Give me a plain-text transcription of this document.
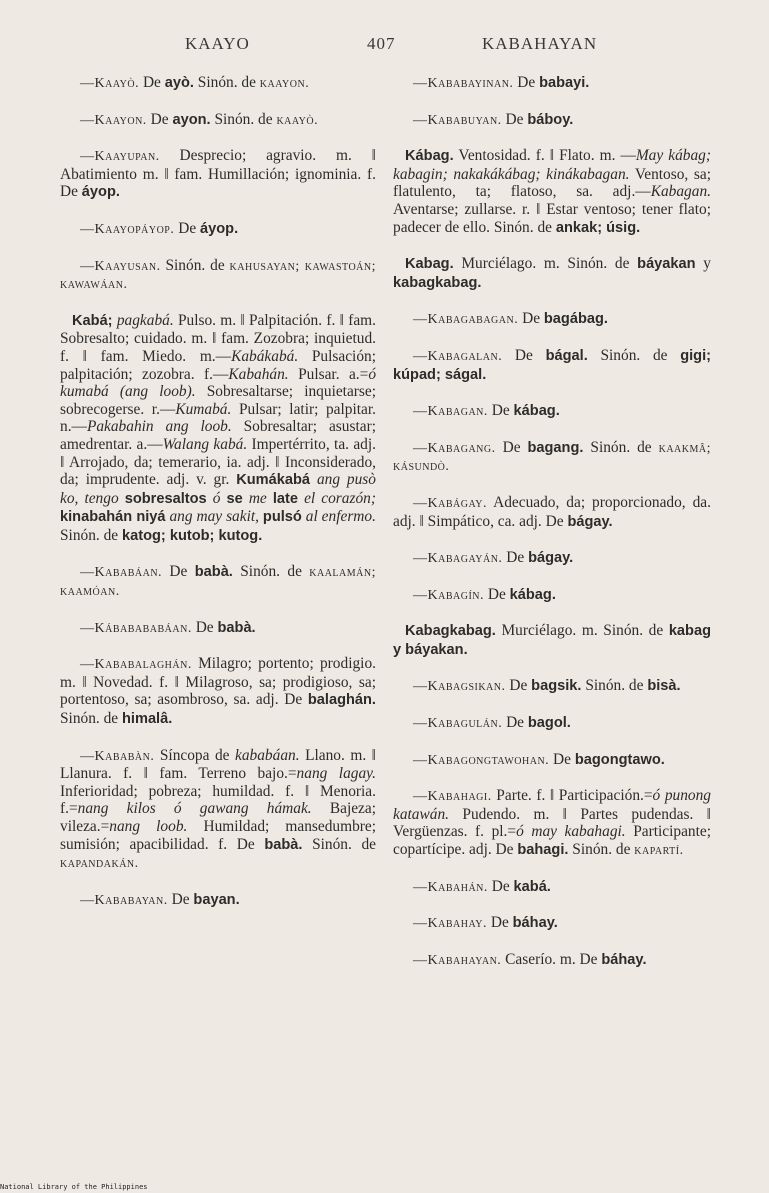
KAAYO	407	KABAHAYAN

—Kaayò. De ayò. Sinón. de kaayon.

—Kaayon. De ayon. Sinón. de kaayò.

—Kaayupan. Desprecio; agravio. m. ‖ Abatimiento m. ‖ fam. Humillación; ignominia. f. De áyop.

—Kaayopáyop. De áyop.

—Kaayusan. Sinón. de kahusayan; kawastoán; kawawáan.

Kabá; pagkabá. Pulso. m. ‖ Palpitación. f. ‖ fam. Sobresalto; cuidado. m. ‖ fam. Zozobra; inquietud. f. ‖ fam. Miedo. m.—Kabákabá. Pulsación; palpitación; zozobra. f.—Kabahán. Pulsar. a.=ó kumabá (ang loob). Sobresaltarse; inquietarse; sobrecogerse. r.—Kumabá. Pulsar; latir; palpitar. n.—Pakabahin ang loob. Sobresaltar; asustar; amedrentar. a.—Walang kabá. Impertérrito, ta. adj. ‖ Arrojado, da; temerario, ia. adj. ‖ Inconsiderado, da; imprudente. adj. v. gr. Kumákabá ang pusò ko, tengo sobresaltos ó se me late el corazón; kinabahán niyá ang may sakit, pulsó al enfermo. Sinón. de katog; kutob; kutog.

—Kababáan. De babà. Sinón. de kaalamán; kaamóan.

—Kábabababáan. De babà.

—Kababalaghán. Milagro; portento; prodigio. m. ‖ Novedad. f. ‖ Milagroso, sa; prodigioso, sa; portentoso, sa; asombroso, sa. adj. De balaghán. Sinón. de himalâ.

—Kababàn. Síncopa de kababáan. Llano. m. ‖ Llanura. f. ‖ fam. Terreno bajo.=nang lagay. Inferioridad; pobreza; humildad. f. ‖ Menoria. f.=nang kilos ó gawang hámak. Bajeza; vileza.=nang loob. Humildad; mansedumbre; sumisión; apacibilidad. f. De babà. Sinón. de kapandakán.

—Kababayan. De bayan.

—Kababayinan. De babayi.

—Kababuyan. De báboy.

Kábag. Ventosidad. f. ‖ Flato. m. —May kábag; kabagin; nakakákábag; kinákabagan. Ventoso, sa; flatulento, ta; flatoso, sa. adj.—Kabagan. Aventarse; zullarse. r. ‖ Estar ventoso; tener flato; padecer de ello. Sinón. de ankak; úsig.

Kabag. Murciélago. m. Sinón. de báyakan y kabagkabag.

—Kabagabagan. De bagábag.

—Kabagalan. De bágal. Sinón. de gigi; kúpad; ságal.

—Kabagan. De kábag.

—Kabagang. De bagang. Sinón. de kaakmâ; kásundò.

—Kabágay. Adecuado, da; proporcionado, da. adj. ‖ Simpático, ca. adj. De bágay.

—Kabagayán. De bágay.

—Kabagín. De kábag.

Kabagkabag. Murciélago. m. Sinón. de kabag y báyakan.

—Kabagsikan. De bagsik. Sinón. de bisà.

—Kabagulán. De bagol.

—Kabagongtawohan. De bagongtawo.

—Kabahagi. Parte. f. ‖ Participación.=ó punong katawán. Pudendo. m. ‖ Partes pudendas. ‖ Vergüenzas. f. pl.=ó may kabahagi. Participante; copartícipe. adj. De bahagi. Sinón. de kapartí.

—Kabahán. De kabá.

—Kabahay. De báhay.

—Kabahayan. Caserío. m. De báhay.

National Library of the Philippines
